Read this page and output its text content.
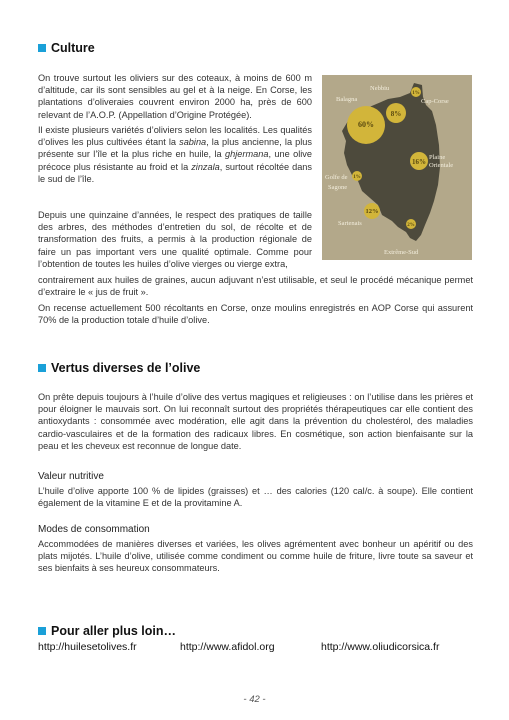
Culture
On trouve surtout les oliviers sur des coteaux, à moins de 600 m d’altitude, car ils sont sensibles au gel et à la neige. En Corse, les plantations d’oliveraies couvrent environ 2000 ha, près de 600 relevant de l’A.O.P. (Appellation d’Origine Protégée).
Il existe plusieurs variétés d’oliviers selon les localités. Les qualités d’olives les plus cultivées étant la sabina, la plus ancienne, la plus présente sur l’île et la plus riche en huile, la ghjermana, une olive précoce plus résistante au froid et la zinzala, surtout récoltée dans le sud de l’île.
Depuis une quinzaine d’années, le respect des pratiques de taille des arbres, des méthodes d’entretien du sol, de récolte et de transformation des fruits, a permis à la production régionale de faire un pas important vers une qualité optimale. Comme pour l’obtention de toutes les huiles d’olive vierges ou vierge extra,
contrairement aux huiles de graines, aucun adjuvant n’est utilisable, et seul le procédé mécanique permet d’extraire le « jus de fruit ».
On recense actuellement 500 récoltants en Corse, onze moulins enregistrés en AOP Corse qui assurent 70% de la production totale d’huile d’olive.
60%
8%
1%
16%
1%
12%
2%
Nebbiu
Balagna	Cap-Corse
Plaine
Orientale
Golfe de
Sagone
Sartenais
Extrême-Sud
Vertus diverses de l’olive
On prête depuis toujours à l’huile d’olive des vertus magiques et religieuses : on l’utilise dans les prières et pour éloigner le mauvais sort. On lui reconnaît surtout des propriétés thérapeutiques car elle contient des antioxydants : consommée avec modération, elle agit dans la prévention du cholestérol, des maladies cardio-vasculaires et de la formation des radicaux libres. En cosmétique, son action bienfaisante sur la peau et les cheveux est reconnue de longue date.
Valeur nutritive
L’huile d’olive apporte 100 % de lipides (graisses) et … des calories (120 cal/c. à soupe). Elle contient également de la vitamine E et de la provitamine A.
Modes de consommation
Accommodées de manières diverses et variées, les olives agrémentent avec bonheur un apéritif ou des plats mijotés. L’huile d’olive, utilisée comme condiment ou comme huile de friture, livre toute sa saveur et ses bienfaits à ses heureux consommateurs.
Pour aller plus loin…
http://huilesetolives.fr	http://www.afidol.org	http://www.oliudicorsica.fr
- 42 -
